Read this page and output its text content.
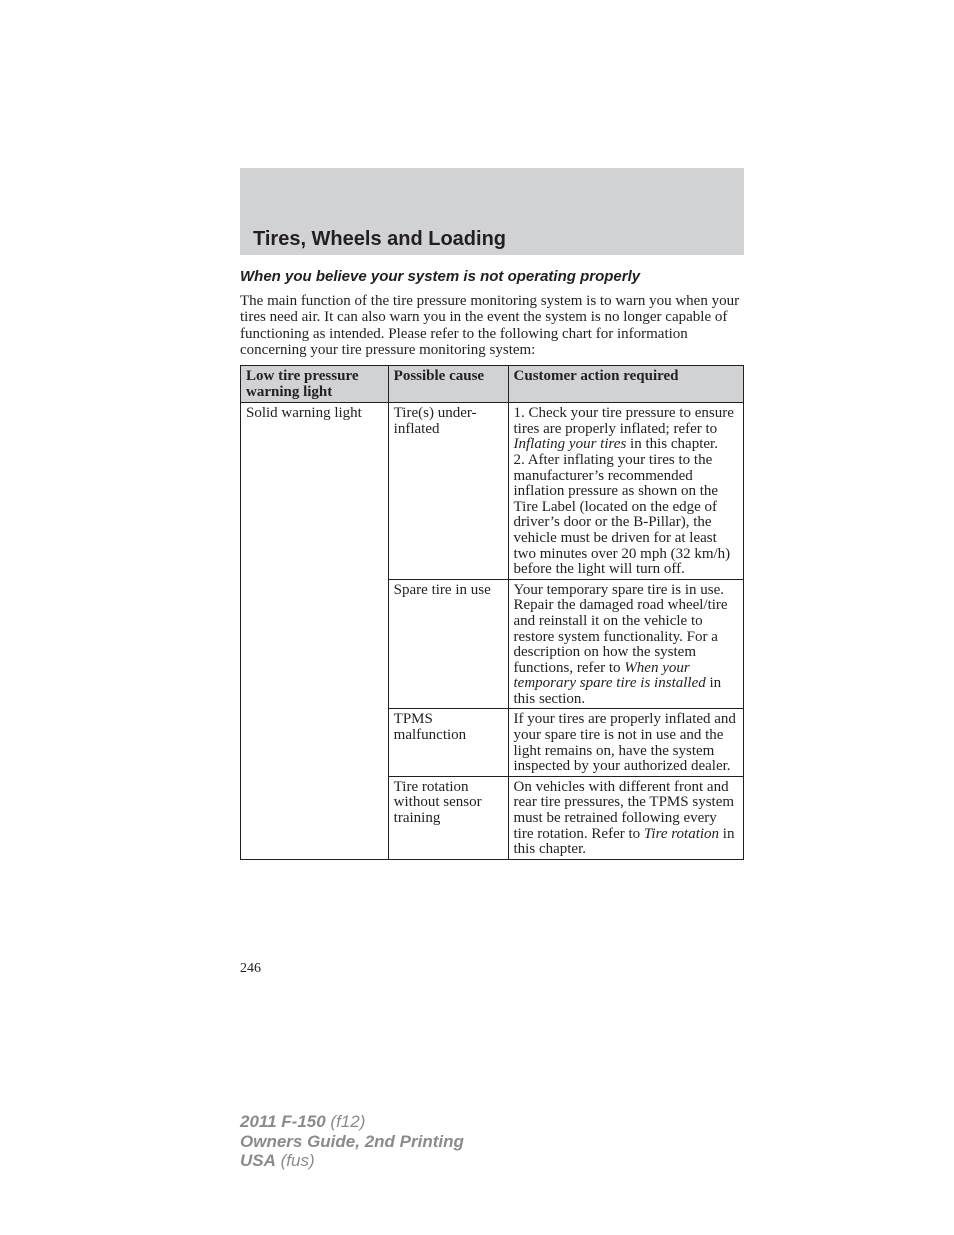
Tires, Wheels and Loading
When you believe your system is not operating properly

The main function of the tire pressure monitoring system is to warn you when your tires need air. It can also warn you in the event the system is no longer capable of functioning as intended. Please refer to the following chart for information concerning your tire pressure monitoring system:

Low tire pressure warning light	Possible cause	Customer action required
Solid warning light	Tire(s) under-inflated	1. Check your tire pressure to ensure tires are properly inflated; refer to Inflating your tires in this chapter.
2. After inflating your tires to the manufacturer’s recommended inflation pressure as shown on the Tire Label (located on the edge of driver’s door or the B-Pillar), the vehicle must be driven for at least two minutes over 20 mph (32 km/h) before the light will turn off.
	Spare tire in use	Your temporary spare tire is in use. Repair the damaged road wheel/tire and reinstall it on the vehicle to restore system functionality. For a description on how the system functions, refer to When your temporary spare tire is installed in this section.
	TPMS malfunction	If your tires are properly inflated and your spare tire is not in use and the light remains on, have the system inspected by your authorized dealer.
	Tire rotation without sensor training	On vehicles with different front and rear tire pressures, the TPMS system must be retrained following every tire rotation. Refer to Tire rotation in this chapter.

246

2011 F-150 (f12)
Owners Guide, 2nd Printing
USA (fus)
